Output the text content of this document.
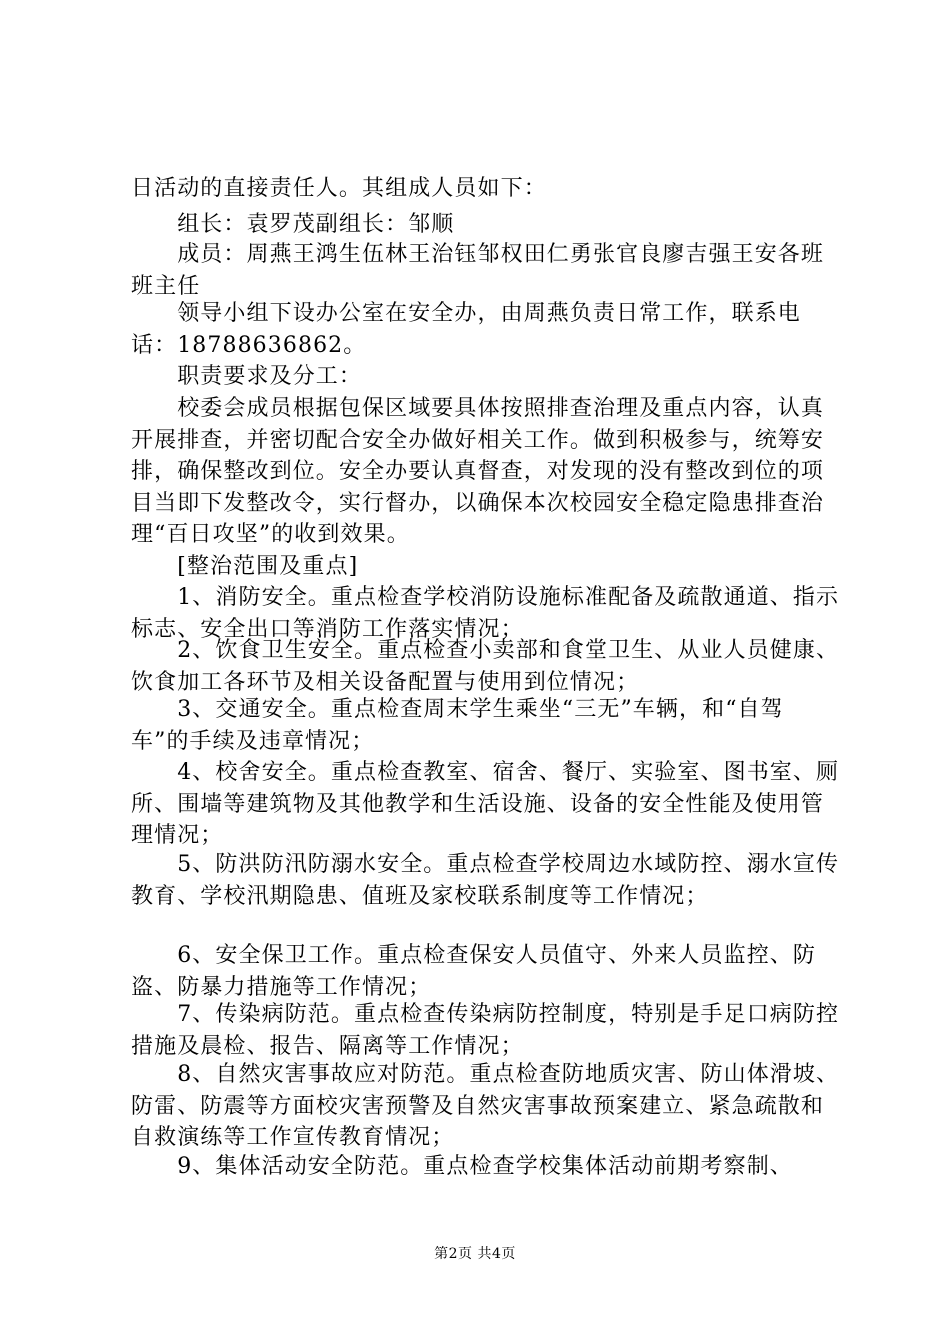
日活动的直接责任人。其组成人员如下：
　　组长：袁罗茂副组长：邹顺
　　成员：周燕王鸿生伍林王治钰邹权田仁勇张官良廖吉强王安各班班主任
　　领导小组下设办公室在安全办，由周燕负责日常工作，联系电话：18788636862。
　　职责要求及分工：
　　校委会成员根据包保区域要具体按照排查治理及重点内容，认真开展排查，并密切配合安全办做好相关工作。做到积极参与，统筹安排，确保整改到位。安全办要认真督查，对发现的没有整改到位的项目当即下发整改令，实行督办，以确保本次校园安全稳定隐患排查治理“百日攻坚”的收到效果。
　　[整治范围及重点]
　　1、消防安全。重点检查学校消防设施标准配备及疏散通道、指示标志、安全出口等消防工作落实情况；
　　2、饮食卫生安全。重点检查小卖部和食堂卫生、从业人员健康、饮食加工各环节及相关设备配置与使用到位情况；
　　3、交通安全。重点检查周末学生乘坐“三无”车辆，和“自驾车”的手续及违章情况；
　　4、校舍安全。重点检查教室、宿舍、餐厅、实验室、图书室、厕所、围墙等建筑物及其他教学和生活设施、设备的安全性能及使用管理情况；
　　5、防洪防汛防溺水安全。重点检查学校周边水域防控、溺水宣传教育、学校汛期隐患、值班及家校联系制度等工作情况；
　　6、安全保卫工作。重点检查保安人员值守、外来人员监控、防盗、防暴力措施等工作情况；
　　7、传染病防范。重点检查传染病防控制度，特别是手足口病防控措施及晨检、报告、隔离等工作情况；
　　8、自然灾害事故应对防范。重点检查防地质灾害、防山体滑坡、防雷、防震等方面校灾害预警及自然灾害事故预案建立、紧急疏散和自救演练等工作宣传教育情况；
　　9、集体活动安全防范。重点检查学校集体活动前期考察制、
第2页 共4页
